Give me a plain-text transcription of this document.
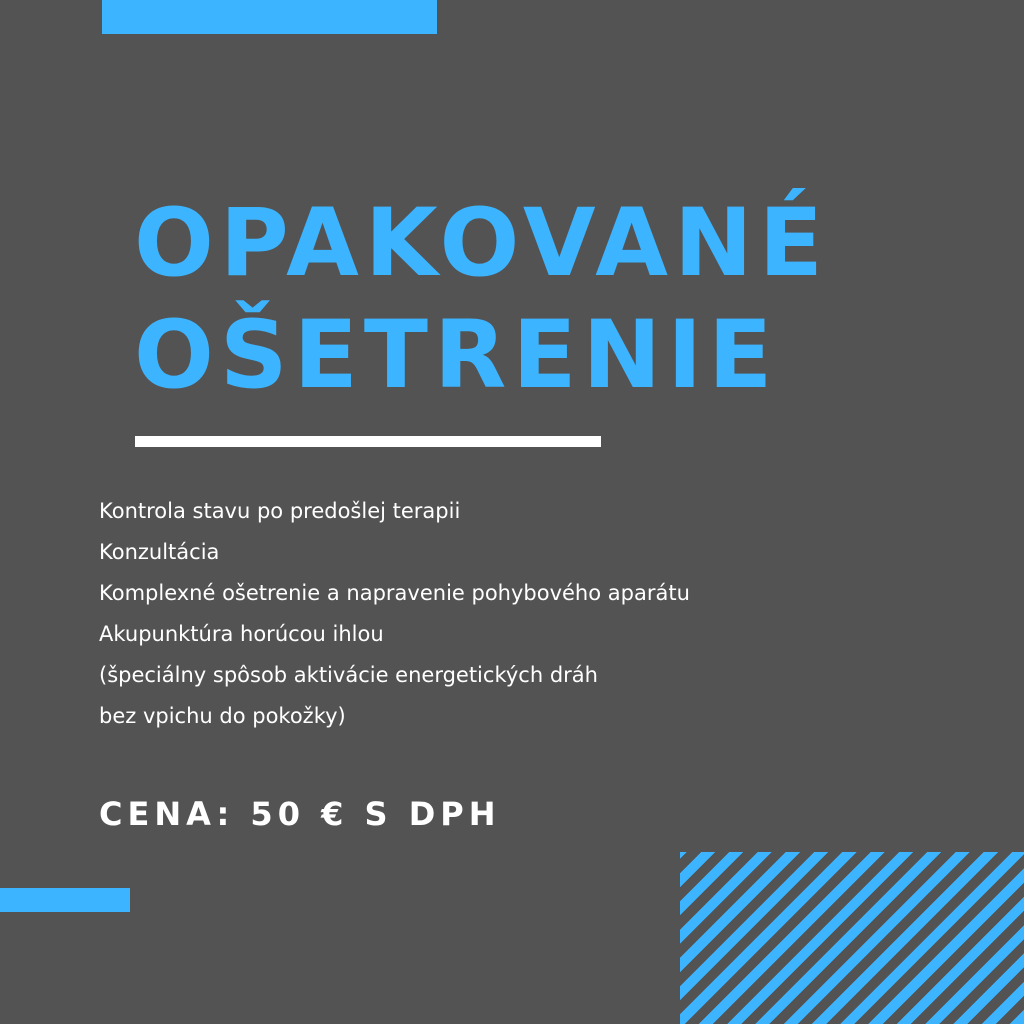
OPAKOVANÉ
OŠETRENIE
Kontrola stavu po predošlej terapii
Konzultácia
Komplexné ošetrenie a napravenie pohybového aparátu
Akupunktúra horúcou ihlou
(špeciálny spôsob aktivácie energetických dráh
bez vpichu do pokožky)
CENA: 50 € S DPH
